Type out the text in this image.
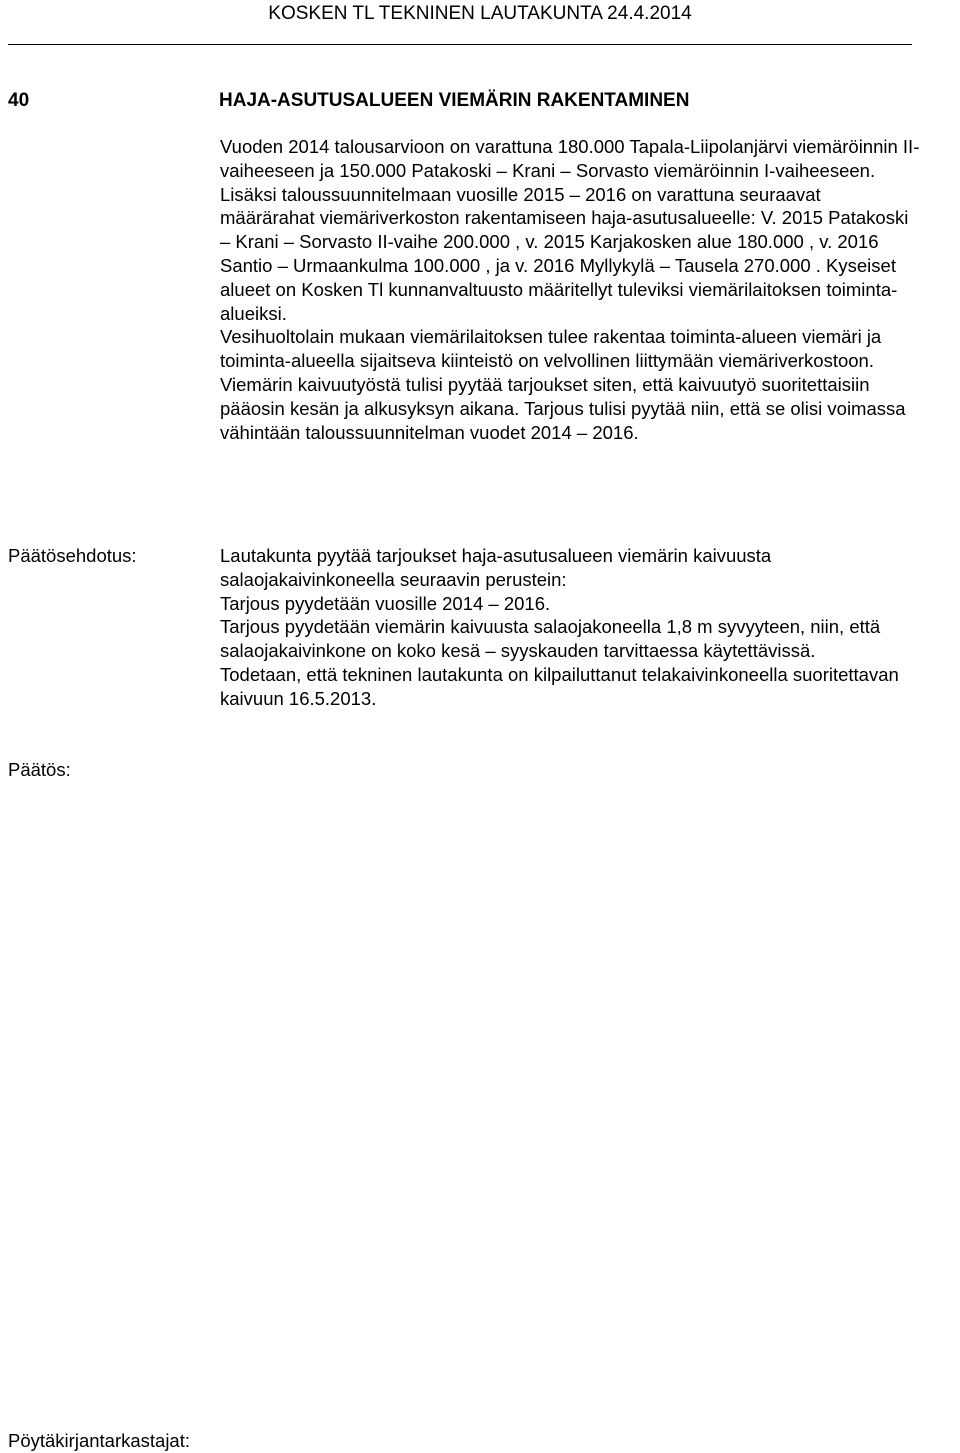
KOSKEN TL TEKNINEN LAUTAKUNTA 24.4.2014
40	HAJA-ASUTUSALUEEN VIEMÄRIN RAKENTAMINEN

Vuoden 2014 talousarvioon on varattuna 180.000 Tapala-Liipolanjärvi viemäröinnin II-vaiheeseen ja 150.000 Patakoski – Krani – Sorvasto viemäröinnin I-vaiheeseen.

Lisäksi taloussuunnitelmaan vuosille 2015 – 2016 on varattuna seuraavat määrärahat viemäriverkoston rakentamiseen haja-asutusalueelle: V. 2015 Patakoski – Krani – Sorvasto II-vaihe 200.000 , v. 2015 Karjakosken alue 180.000 , v. 2016 Santio – Urmaankulma 100.000 , ja v. 2016 Myllykylä – Tausela 270.000 . Kyseiset alueet on Kosken Tl kunnanvaltuusto määritellyt tuleviksi viemärilaitoksen toiminta-alueiksi.

Vesihuoltolain mukaan viemärilaitoksen tulee rakentaa toiminta-alueen viemäri ja toiminta-alueella sijaitseva kiinteistö on velvollinen liittymään viemäriverkostoon.

Viemärin kaivuutyöstä tulisi pyytää tarjoukset siten, että kaivuutyö suoritettaisiin pääosin kesän ja alkusyksyn aikana. Tarjous tulisi pyytää niin, että se olisi voimassa vähintään taloussuunnitelman vuodet 2014 – 2016.

Päätösehdotus:	Lautakunta pyytää tarjoukset haja-asutusalueen viemärin kaivuusta salaojakaivinkoneella seuraavin perustein:

Tarjous pyydetään vuosille 2014 – 2016.

Tarjous pyydetään viemärin kaivuusta salaojakoneella 1,8 m syvyyteen, niin, että salaojakaivinkone on koko kesä – syyskauden tarvittaessa käytettävissä.

Todetaan, että tekninen lautakunta on kilpailuttanut telakaivinkoneella suoritettavan kaivuun 16.5.2013.

Päätös:
Pöytäkirjantarkastajat:
